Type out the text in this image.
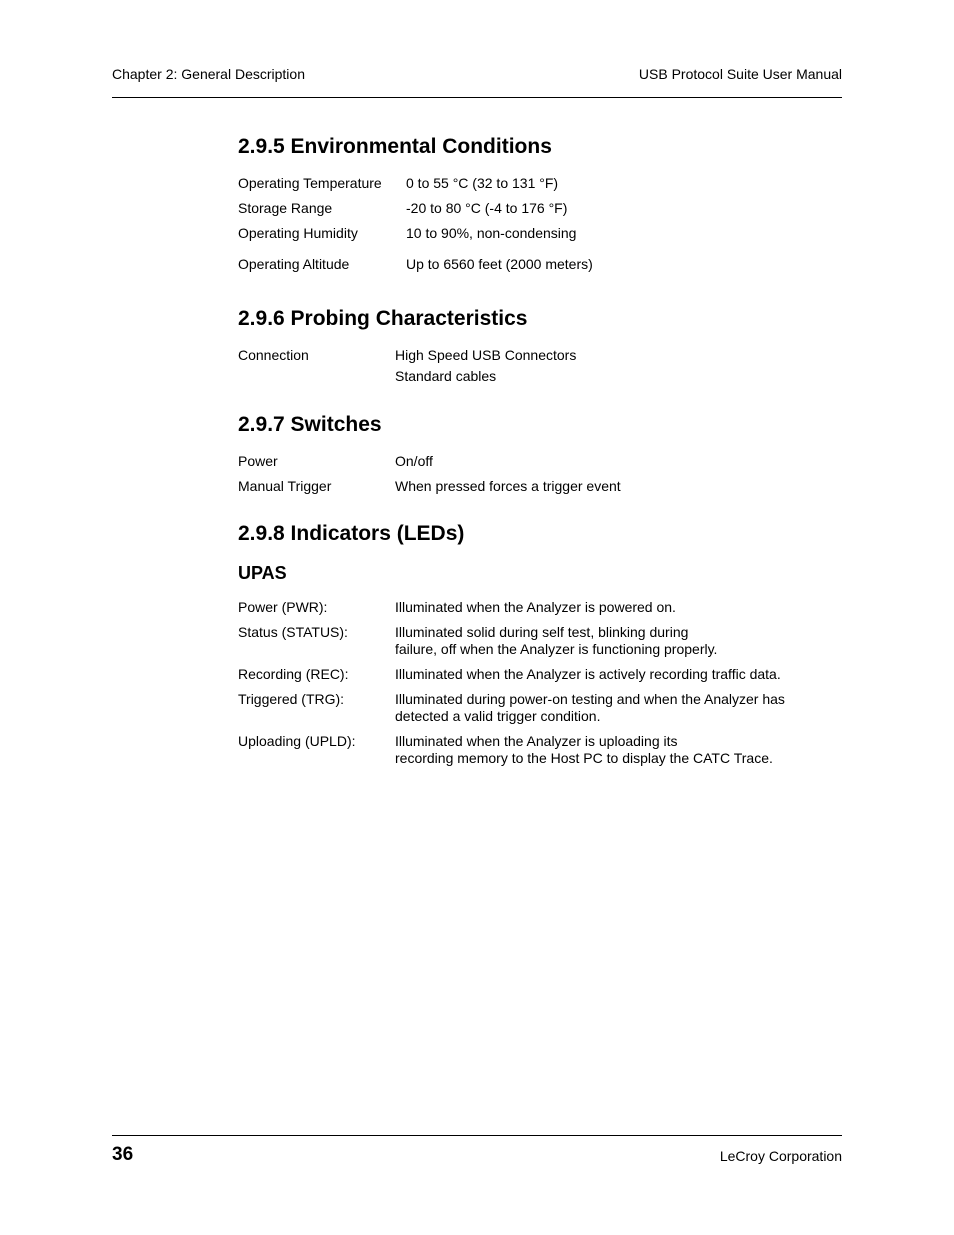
Chapter 2: General Description	USB Protocol Suite User Manual
2.9.5 Environmental Conditions
Operating Temperature 0 to 55 °C (32 to 131 °F)
Storage Range	-20 to 80 °C (-4 to 176 °F)
Operating Humidity	10 to 90%, non-condensing
Operating Altitude	Up to 6560 feet (2000 meters)
2.9.6 Probing Characteristics
Connection	High Speed USB Connectors
Standard cables
2.9.7 Switches
Power	On/off
Manual Trigger	When pressed forces a trigger event
2.9.8 Indicators (LEDs)
UPAS
Power (PWR):	Illuminated when the Analyzer is powered on.
Status (STATUS):	Illuminated solid during self test, blinking during
failure, off when the Analyzer is functioning properly.
Recording (REC):	Illuminated when the Analyzer is actively recording traffic data.
Triggered (TRG):	Illuminated during power-on testing and when the Analyzer has
detected a valid trigger condition.
Uploading (UPLD):	Illuminated when the Analyzer is uploading its
recording memory to the Host PC to display the CATC Trace.
36	LeCroy Corporation
